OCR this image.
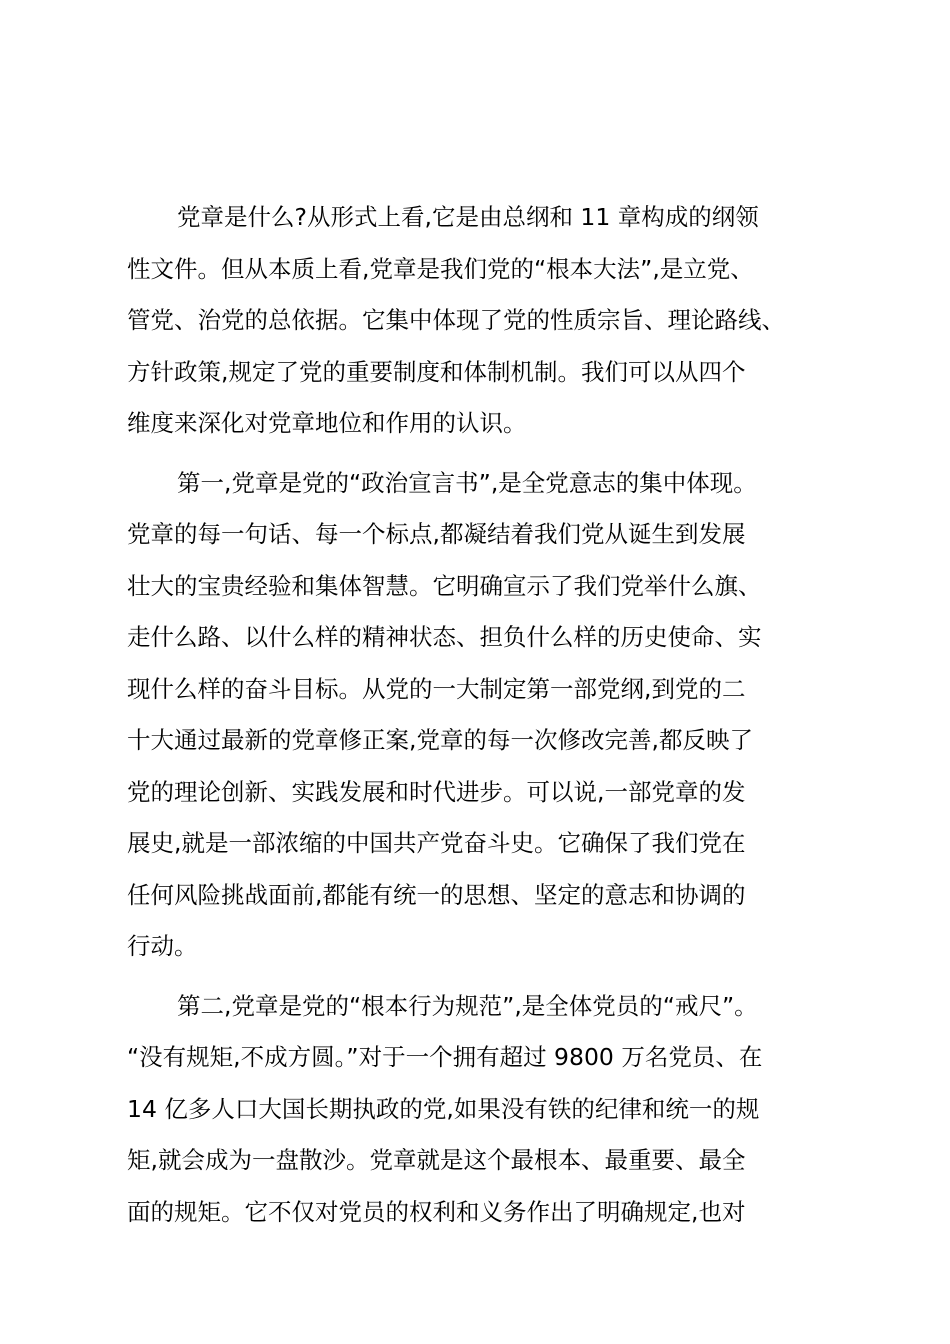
党章是什么?从形式上看,它是由总纲和 11 章构成的纲领
性文件。但从本质上看,党章是我们党的“根本大法”,是立党、
管党、治党的总依据。它集中体现了党的性质宗旨、理论路线、
方针政策,规定了党的重要制度和体制机制。我们可以从四个
维度来深化对党章地位和作用的认识。
第一,党章是党的“政治宣言书”,是全党意志的集中体现。
党章的每一句话、每一个标点,都凝结着我们党从诞生到发展
壮大的宝贵经验和集体智慧。它明确宣示了我们党举什么旗、
走什么路、以什么样的精神状态、担负什么样的历史使命、实
现什么样的奋斗目标。从党的一大制定第一部党纲,到党的二
十大通过最新的党章修正案,党章的每一次修改完善,都反映了
党的理论创新、实践发展和时代进步。可以说,一部党章的发
展史,就是一部浓缩的中国共产党奋斗史。它确保了我们党在
任何风险挑战面前,都能有统一的思想、坚定的意志和协调的
行动。
第二,党章是党的“根本行为规范”,是全体党员的“戒尺”。
“没有规矩,不成方圆。”对于一个拥有超过 9800 万名党员、在
14 亿多人口大国长期执政的党,如果没有铁的纪律和统一的规
矩,就会成为一盘散沙。党章就是这个最根本、最重要、最全
面的规矩。它不仅对党员的权利和义务作出了明确规定,也对
